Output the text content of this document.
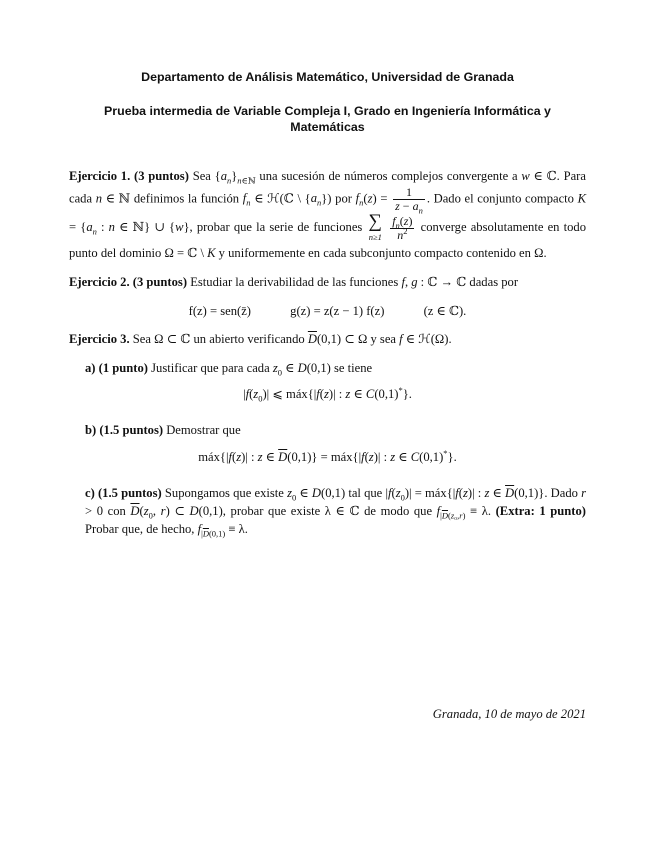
Departamento de Análisis Matemático, Universidad de Granada
Prueba intermedia de Variable Compleja I, Grado en Ingeniería Informática y Matemáticas
Ejercicio 1. (3 puntos) Sea $\{a_n\}_{n\in ℕ}$ una sucesión de números complejos convergente a w ∈ ℂ. Para cada n ∈ ℕ definimos la función $f_n$ ∈ ℋ(ℂ \ $\{a_n\}$) por $f_n(z) = \frac{1}{z - a_n}$ . Dado el conjunto compacto $K = \{a_n$ : n ∈ ℕ} ∪ {w}, probar que la serie de funciones ∑
n≥1
$\frac{f_n(z)}{n^2}$ converge absolutamente en todo punto del dominio Ω = ℂ \ K y uniformemente en cada subconjunto compacto contenido en Ω.
Ejercicio 2. (3 puntos) Estudiar la derivabilidad de las funciones f, g : ℂ → ℂ dadas por
f(z) = sen(z̄)	g(z) = z(z − 1) f(z)	(z ∈ ℂ).
Ejercicio 3. Sea Ω ⊂ ℂ un abierto verificando $\overline{D}(0,1)$ ⊂ Ω y sea f ∈ ℋ(Ω).
a) (1 punto) Justificar que para cada $z_0$ ∈ D(0,1) se tiene
$|f(z_0)|$ ⩽ máx{|f(z)| : z ∈ C(0,1)*}.
b) (1.5 puntos) Demostrar que
máx{|f(z)| : z ∈ $\overline{D}(0,1)$} = máx{|f(z)| : z ∈ C(0,1)*}.
c) (1.5 puntos) Supongamos que existe $z_0$ ∈ D(0,1) tal que $|f(z_0)|$ = máx{|f(z)| : z ∈ $\overline{D}(0,1)$}. Dado r > 0 con $\overline{D}(z_0$, r) ⊂ D(0,1), probar que existe λ ∈ ℂ de modo que $f_{|\overline{D}(z_0,r)} \equiv \lambda$. (Extra: 1 punto) Probar que, de hecho, $f_{|\overline{D}(0,1)} \equiv \lambda$.
Granada, 10 de mayo de 2021
